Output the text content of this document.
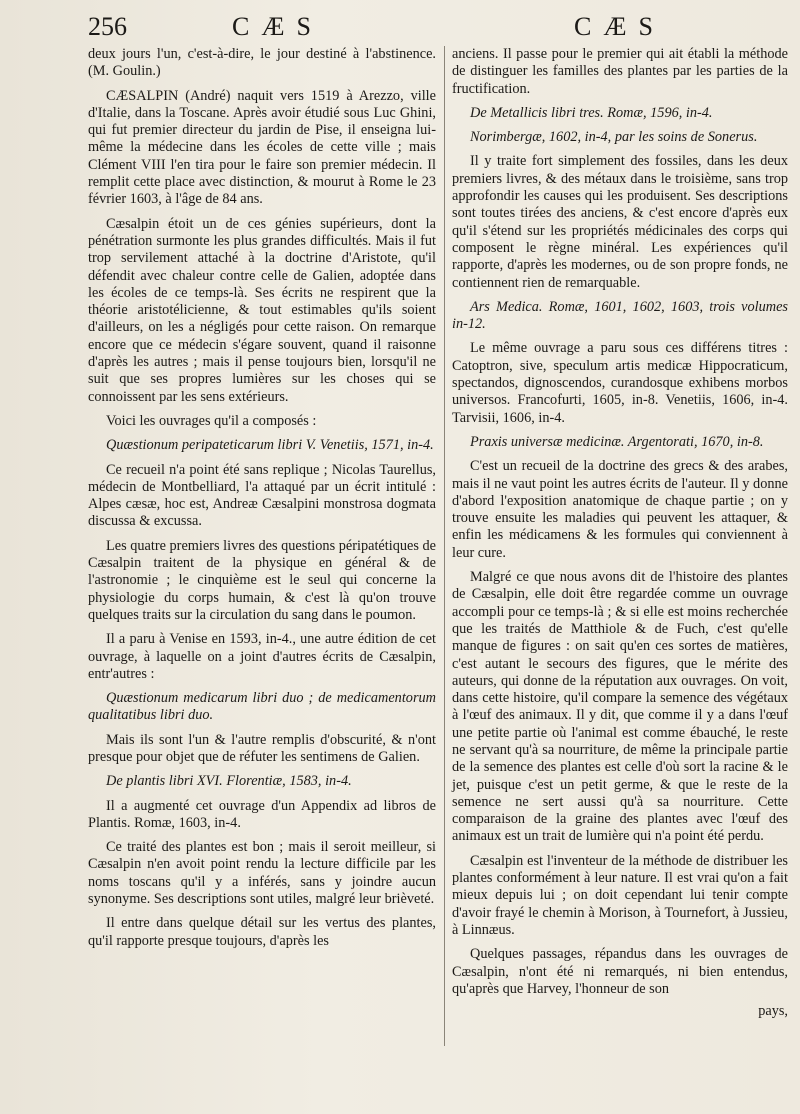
256	CÆS	CÆS

deux jours l'un, c'est-à-dire, le jour destiné à l'abstinence. (M. Goulin.)

CÆSALPIN (André) naquit vers 1519 à Arezzo, ville d'Italie, dans la Toscane. Après avoir étudié sous Luc Ghini, qui fut premier directeur du jardin de Pise, il enseigna lui-même la médecine dans les écoles de cette ville ; mais Clément VIII l'en tira pour le faire son premier médecin. Il remplit cette place avec distinction, & mourut à Rome le 23 février 1603, à l'âge de 84 ans.

Cæsalpin étoit un de ces génies supérieurs, dont la pénétration surmonte les plus grandes difficultés. Mais il fut trop servilement attaché à la doctrine d'Aristote, qu'il défendit avec chaleur contre celle de Galien, adoptée dans les écoles de ce temps-là. Ses écrits ne respirent que la théorie aristotélicienne, & tout estimables qu'ils soient d'ailleurs, on les a négligés pour cette raison. On remarque encore que ce médecin s'égare souvent, quand il raisonne d'après les autres ; mais il pense toujours bien, lorsqu'il ne suit que ses propres lumières sur les choses qui se connoissent par les sens extérieurs.

Voici les ouvrages qu'il a composés :

Quæstionum peripateticarum libri V. Venetiis, 1571, in-4.

Ce recueil n'a point été sans replique ; Nicolas Taurellus, médecin de Montbelliard, l'a attaqué par un écrit intitulé : Alpes cæsæ, hoc est, Andreæ Cæsalpini monstrosa dogmata discussa & excussa.

Les quatre premiers livres des questions péripatétiques de Cæsalpin traitent de la physique en général & de l'astronomie ; le cinquième est le seul qui concerne la physiologie du corps humain, & c'est là qu'on trouve quelques traits sur la circulation du sang dans le poumon.

Il a paru à Venise en 1593, in-4., une autre édition de cet ouvrage, à laquelle on a joint d'autres écrits de Cæsalpin, entr'autres :

Quæstionum medicarum libri duo ; de medicamentorum qualitatibus libri duo.

Mais ils sont l'un & l'autre remplis d'obscurité, & n'ont presque pour objet que de réfuter les sentimens de Galien.

De plantis libri XVI. Florentiæ, 1583, in-4.

Il a augmenté cet ouvrage d'un Appendix ad libros de Plantis. Romæ, 1603, in-4.

Ce traité des plantes est bon ; mais il seroit meilleur, si Cæsalpin n'en avoit point rendu la lecture difficile par les noms toscans qu'il y a inférés, sans y joindre aucun synonyme. Ses descriptions sont utiles, malgré leur brièveté.

Il entre dans quelque détail sur les vertus des plantes, qu'il rapporte presque toujours, d'après les

anciens. Il passe pour le premier qui ait établi la méthode de distinguer les familles des plantes par les parties de la fructification.

De Metallicis libri tres. Romæ, 1596, in-4.

Norimbergæ, 1602, in-4, par les soins de Sonerus.

Il y traite fort simplement des fossiles, dans les deux premiers livres, & des métaux dans le troisième, sans trop approfondir les causes qui les produisent. Ses descriptions sont toutes tirées des anciens, & c'est encore d'après eux qu'il s'étend sur les propriétés médicinales des corps qui composent le règne minéral. Les expériences qu'il rapporte, d'après les modernes, ou de son propre fonds, ne contiennent rien de remarquable.

Ars Medica. Romæ, 1601, 1602, 1603, trois volumes in-12.

Le même ouvrage a paru sous ces différens titres : Catoptron, sive, speculum artis medicæ Hippocraticum, spectandos, dignoscendos, curandosque exhibens morbos universos. Francofurti, 1605, in-8. Venetiis, 1606, in-4. Tarvisii, 1606, in-4.

Praxis universæ medicinæ. Argentorati, 1670, in-8.

C'est un recueil de la doctrine des grecs & des arabes, mais il ne vaut point les autres écrits de l'auteur. Il y donne d'abord l'exposition anatomique de chaque partie ; on y trouve ensuite les maladies qui peuvent les attaquer, & enfin les médicamens & les formules qui conviennent à leur cure.

Malgré ce que nous avons dit de l'histoire des plantes de Cæsalpin, elle doit être regardée comme un ouvrage accompli pour ce temps-là ; & si elle est moins recherchée que les traités de Matthiole & de Fuch, c'est qu'elle manque de figures : on sait qu'en ces sortes de matières, c'est autant le secours des figures, que le mérite des auteurs, qui donne de la réputation aux ouvrages. On voit, dans cette histoire, qu'il compare la semence des végétaux à l'œuf des animaux. Il y dit, que comme il y a dans l'œuf une petite partie où l'animal est comme ébauché, le reste ne servant qu'à sa nourriture, de même la principale partie de la semence des plantes est celle d'où sort la racine & le jet, puisque c'est un petit germe, & que le reste de la semence ne sert aussi qu'à sa nourriture. Cette comparaison de la graine des plantes avec l'œuf des animaux est un trait de lumière qui n'a point été perdu.

Cæsalpin est l'inventeur de la méthode de distribuer les plantes conformément à leur nature. Il est vrai qu'on a fait mieux depuis lui ; on doit cependant lui tenir compte d'avoir frayé le chemin à Morison, à Tournefort, à Jussieu, à Linnæus.

Quelques passages, répandus dans les ouvrages de Cæsalpin, n'ont été ni remarqués, ni bien entendus, qu'après que Harvey, l'honneur de son

pays,
